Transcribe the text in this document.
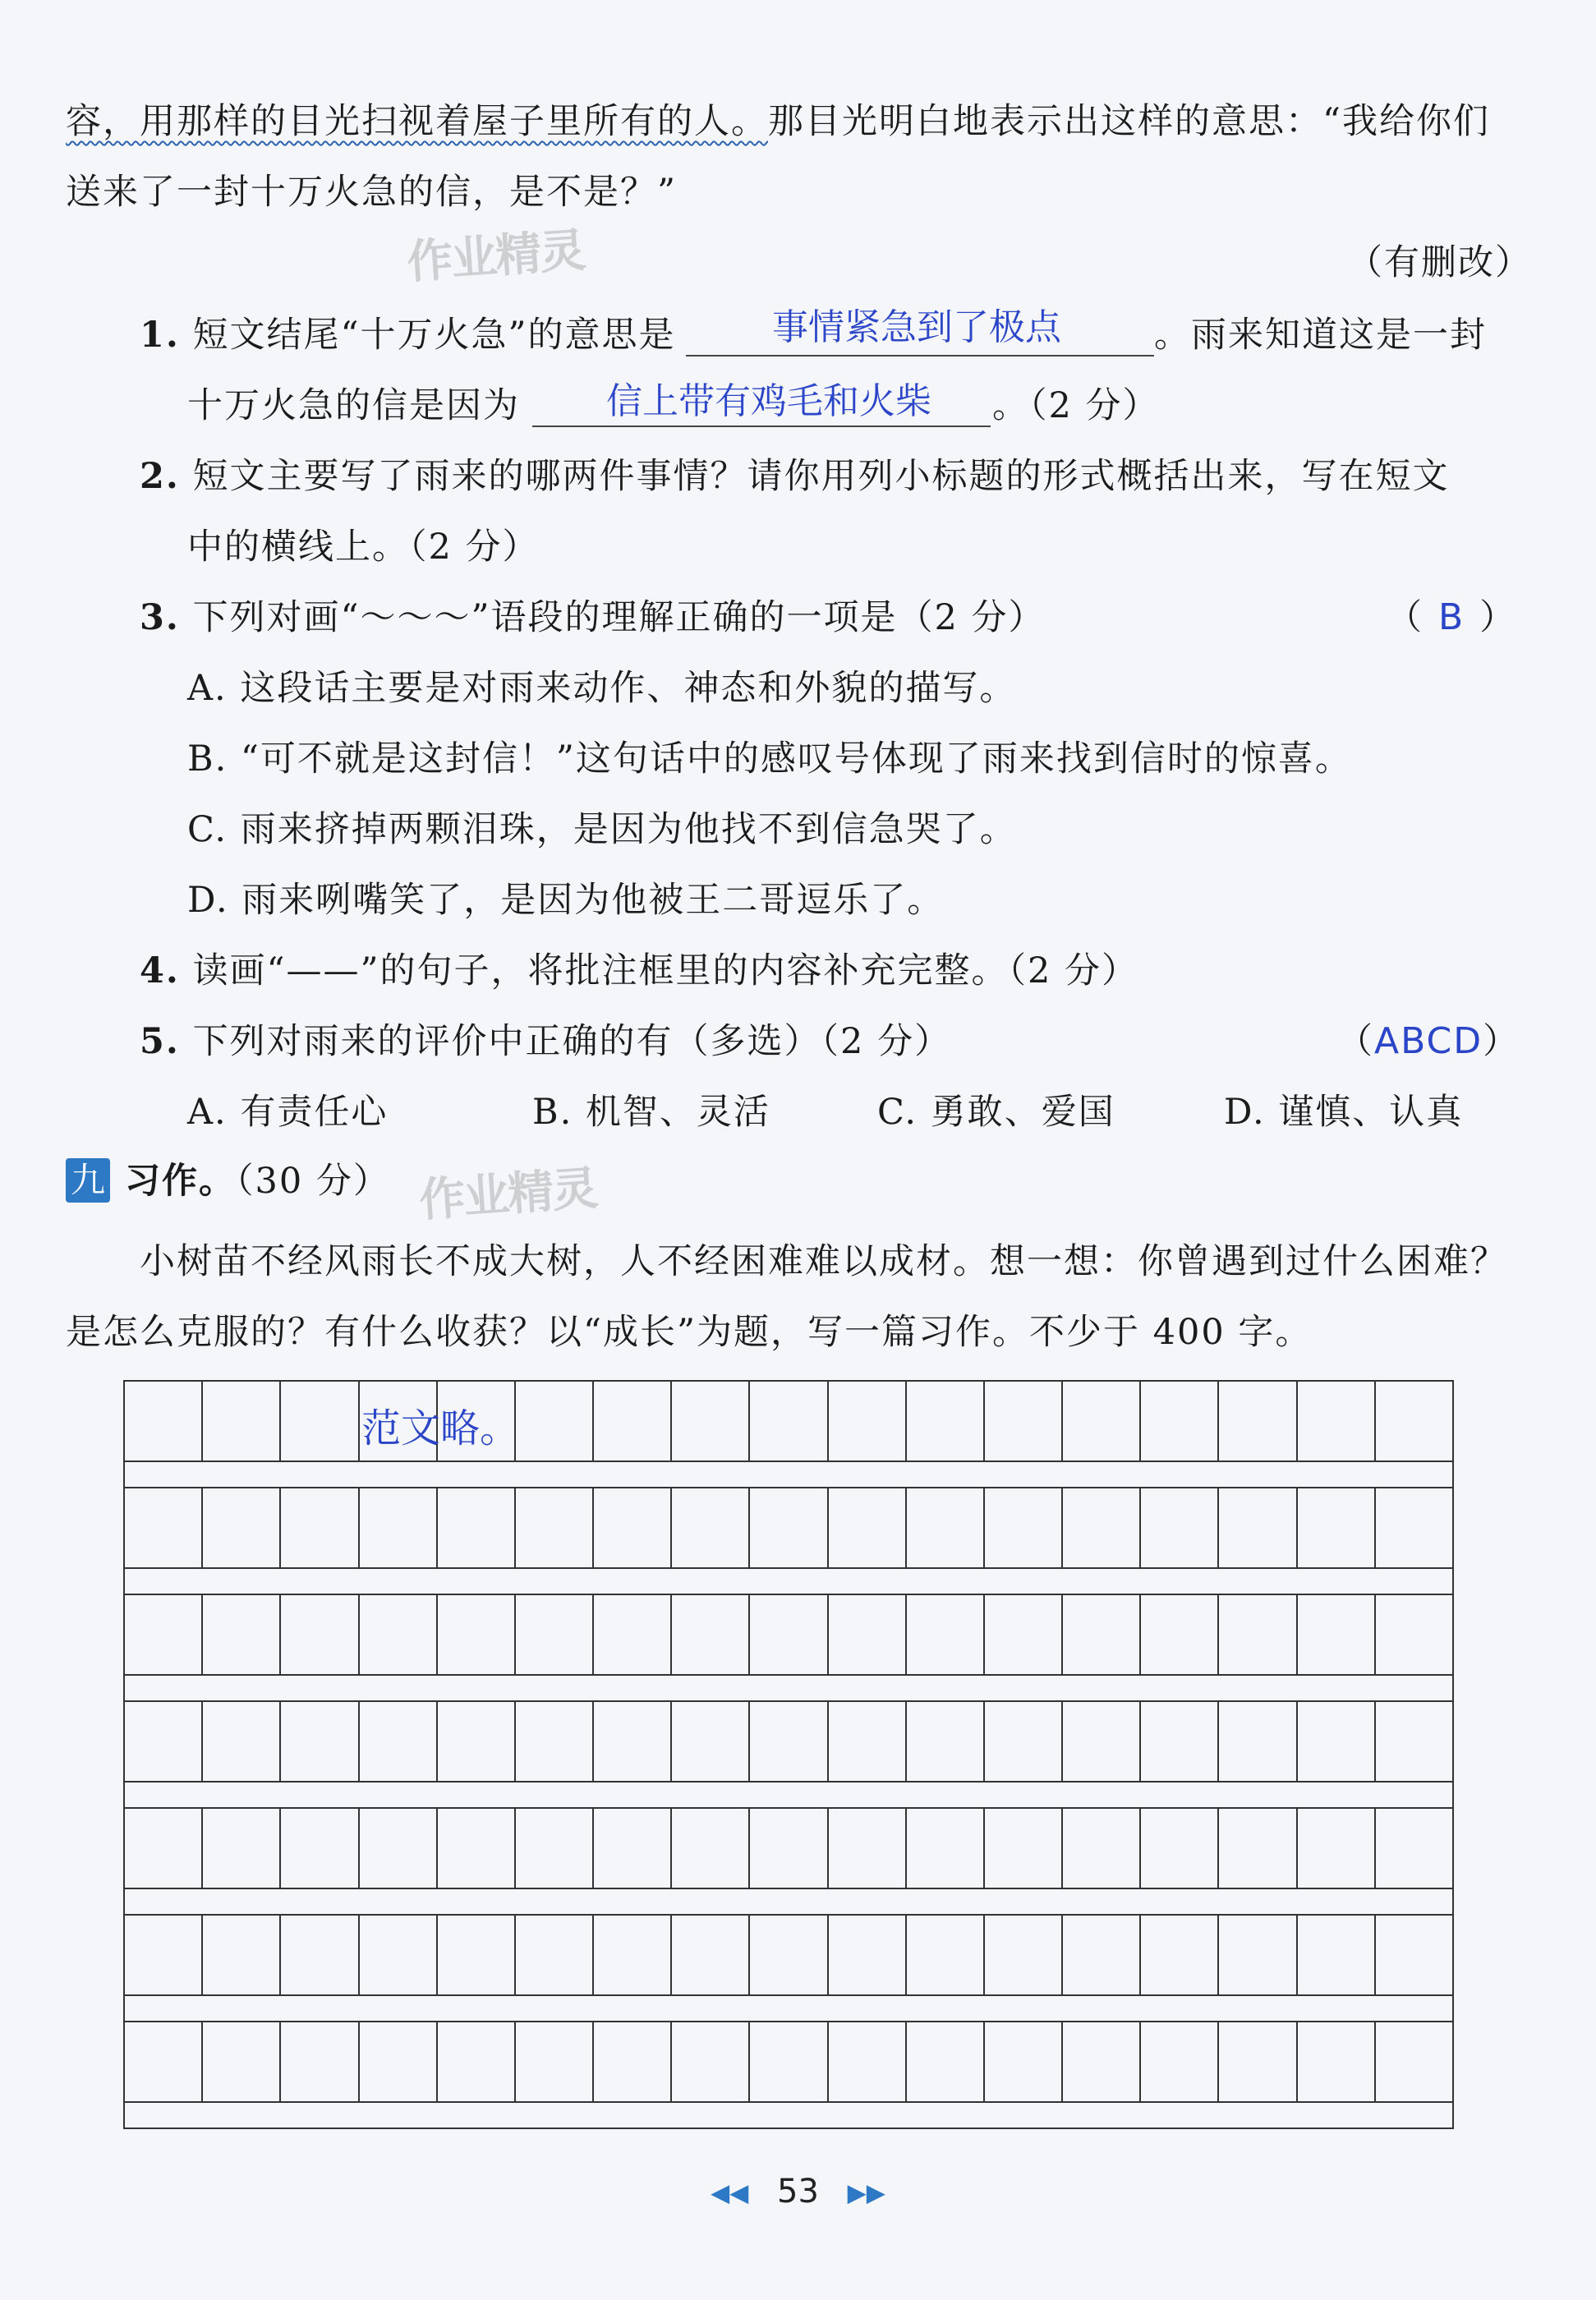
容，用那样的目光扫视着屋子里所有的人。那目光明白地表示出这样的意思：“我给你们
送来了一封十万火急的信，是不是？”
作业精灵	（有删改）
1. 短文结尾“十万火急”的意思是	事情紧急到了极点	。雨来知道这是一封
十万火急的信是因为 信上带有鸡毛和火柴 。（2 分）
2. 短文主要写了雨来的哪两件事情？请你用列小标题的形式概括出来，写在短文
中的横线上。（2 分）
3. 下列对画“～～～”语段的理解正确的一项是（2 分）	（ B ）
A. 这段话主要是对雨来动作、神态和外貌的描写。
B. “可不就是这封信！”这句话中的感叹号体现了雨来找到信时的惊喜。
C. 雨来挤掉两颗泪珠，是因为他找不到信急哭了。
D. 雨来咧嘴笑了，是因为他被王二哥逗乐了。
4. 读画“——”的句子，将批注框里的内容补充完整。（2 分）
5. 下列对雨来的评价中正确的有（多选）（2 分）	（ABCD）
A. 有责任心	B. 机智、灵活	C. 勇敢、爱国	D. 谨慎、认真
九 习作。（30 分） 作业精灵
小树苗不经风雨长不成大树，人不经困难难以成材。想一想：你曾遇到过什么困难？
是怎么克服的？有什么收获？以“成长”为题，写一篇习作。不少于 400 字。
范文略。
◀◀ 53 ▶▶
